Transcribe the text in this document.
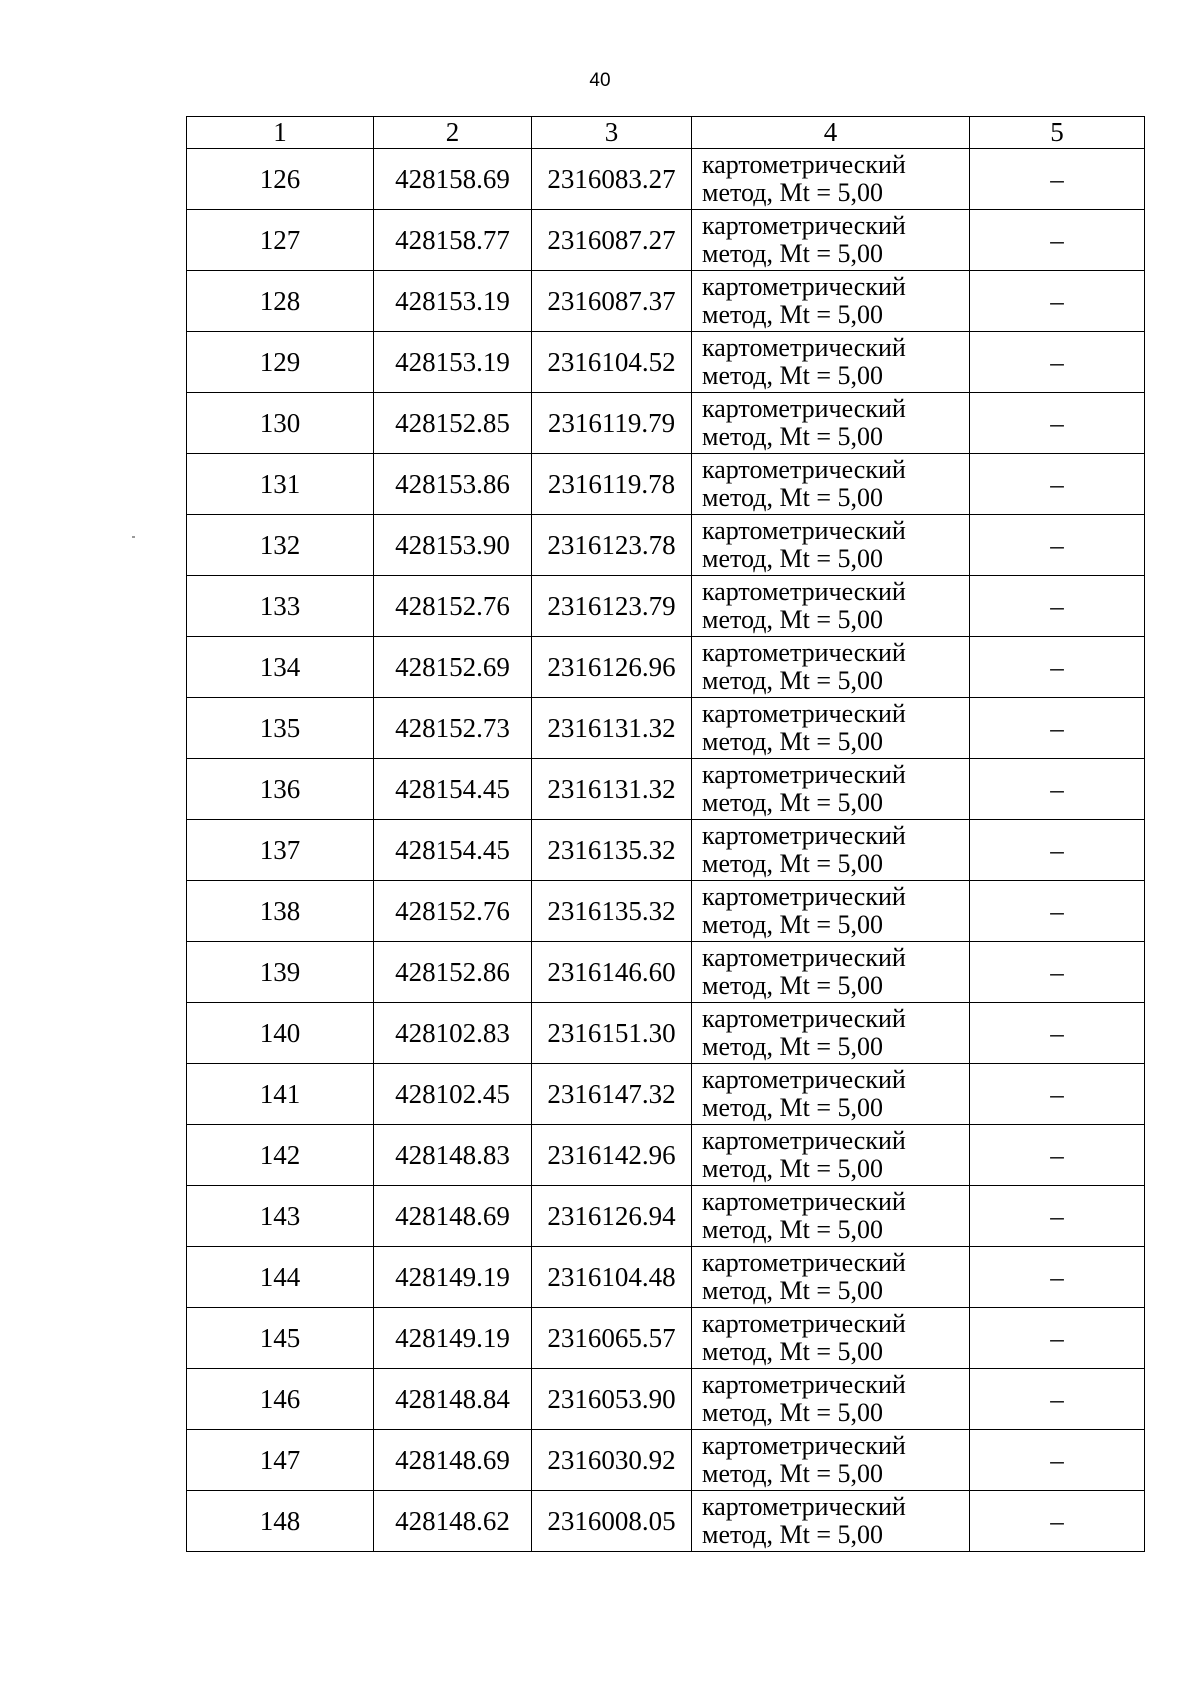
40
1	2	3	4	5
126	428158.69	2316083.27	картометрический метод, Mt = 5,00	–
127	428158.77	2316087.27	картометрический метод, Mt = 5,00	–
128	428153.19	2316087.37	картометрический метод, Mt = 5,00	–
129	428153.19	2316104.52	картометрический метод, Mt = 5,00	–
130	428152.85	2316119.79	картометрический метод, Mt = 5,00	–
131	428153.86	2316119.78	картометрический метод, Mt = 5,00	–
132	428153.90	2316123.78	картометрический метод, Mt = 5,00	–
133	428152.76	2316123.79	картометрический метод, Mt = 5,00	–
134	428152.69	2316126.96	картометрический метод, Mt = 5,00	–
135	428152.73	2316131.32	картометрический метод, Mt = 5,00	–
136	428154.45	2316131.32	картометрический метод, Mt = 5,00	–
137	428154.45	2316135.32	картометрический метод, Mt = 5,00	–
138	428152.76	2316135.32	картометрический метод, Mt = 5,00	–
139	428152.86	2316146.60	картометрический метод, Mt = 5,00	–
140	428102.83	2316151.30	картометрический метод, Mt = 5,00	–
141	428102.45	2316147.32	картометрический метод, Mt = 5,00	–
142	428148.83	2316142.96	картометрический метод, Mt = 5,00	–
143	428148.69	2316126.94	картометрический метод, Mt = 5,00	–
144	428149.19	2316104.48	картометрический метод, Mt = 5,00	–
145	428149.19	2316065.57	картометрический метод, Mt = 5,00	–
146	428148.84	2316053.90	картометрический метод, Mt = 5,00	–
147	428148.69	2316030.92	картометрический метод, Mt = 5,00	–
148	428148.62	2316008.05	картометрический метод, Mt = 5,00	–
